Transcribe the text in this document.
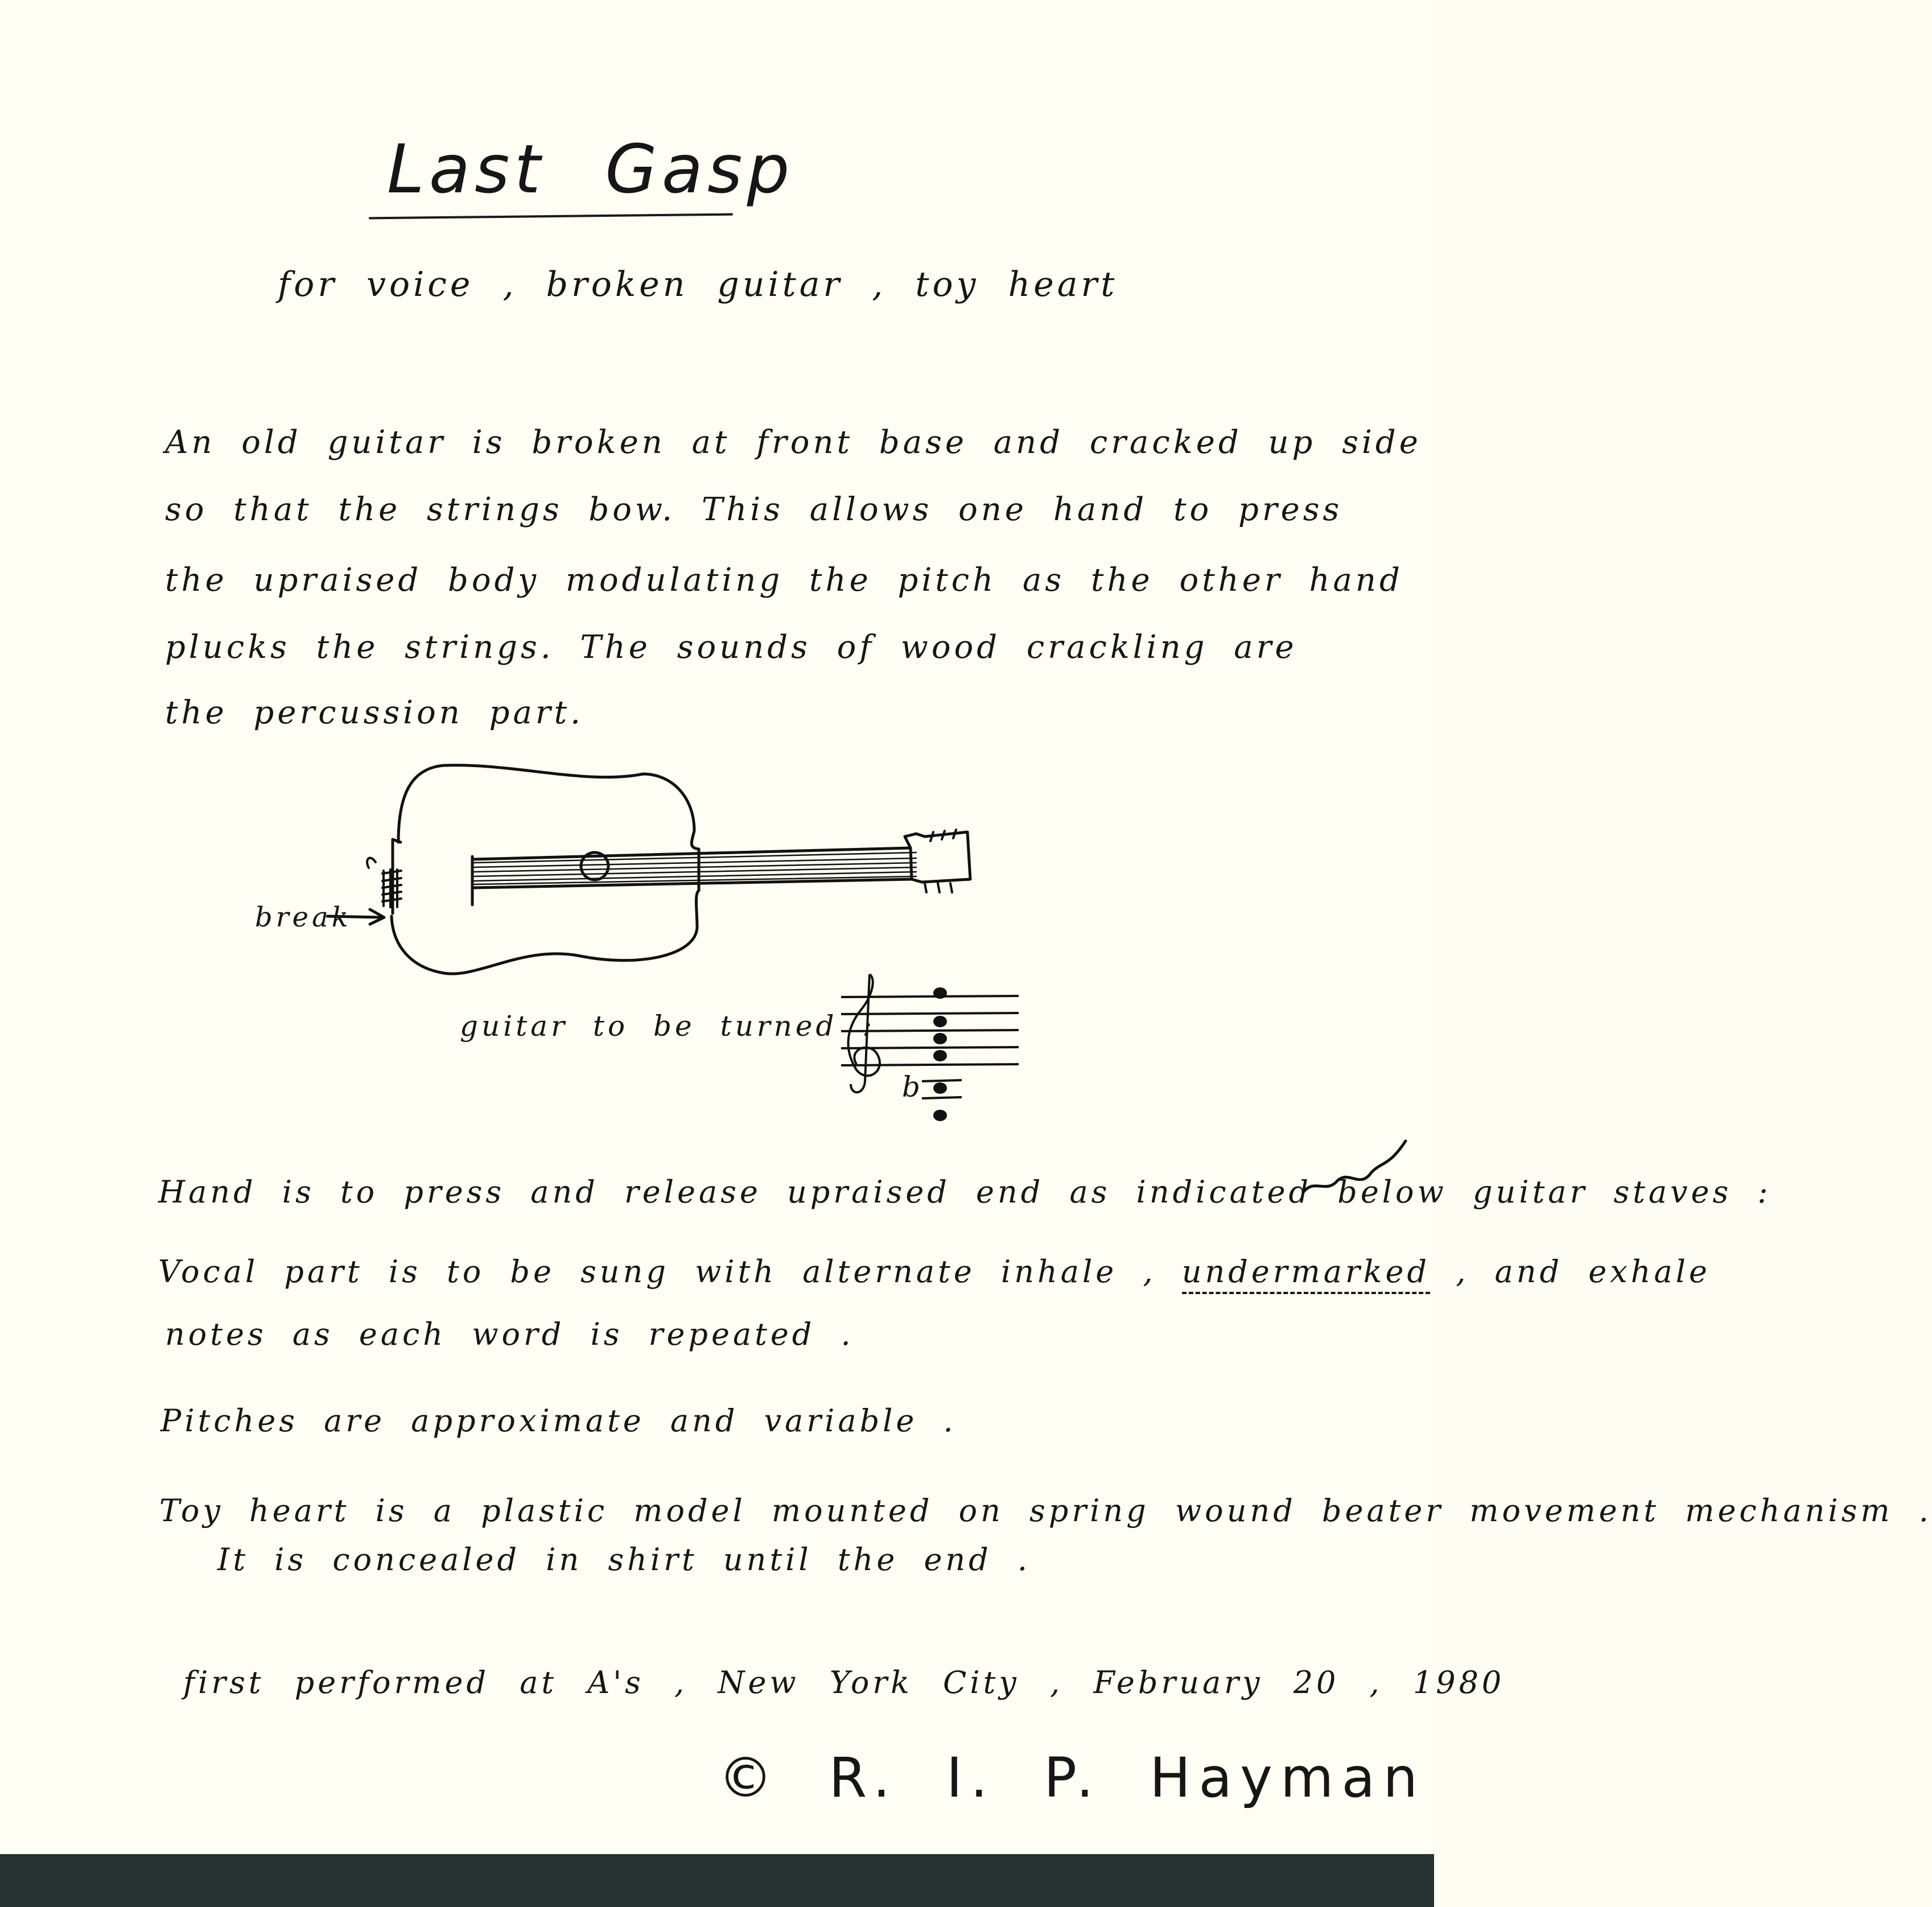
Last Gasp
for voice , broken guitar , toy heart
An old guitar is broken at front base and cracked up side
so that the strings bow. This allows one hand to press
the upraised body modulating the pitch as the other hand
plucks the strings. The sounds of wood crackling are
the percussion part.
break
guitar to be turned :
b
Hand is to press and release upraised end as indicated below guitar staves :
Vocal part is to be sung with alternate inhale , undermarked , and exhale
notes as each word is repeated .
Pitches are approximate and variable .
Toy heart is a plastic model mounted on spring wound beater movement mechanism .
It is concealed in shirt until the end .
first performed at A's , New York City , February 20 , 1980
© R. I. P. Hayman
